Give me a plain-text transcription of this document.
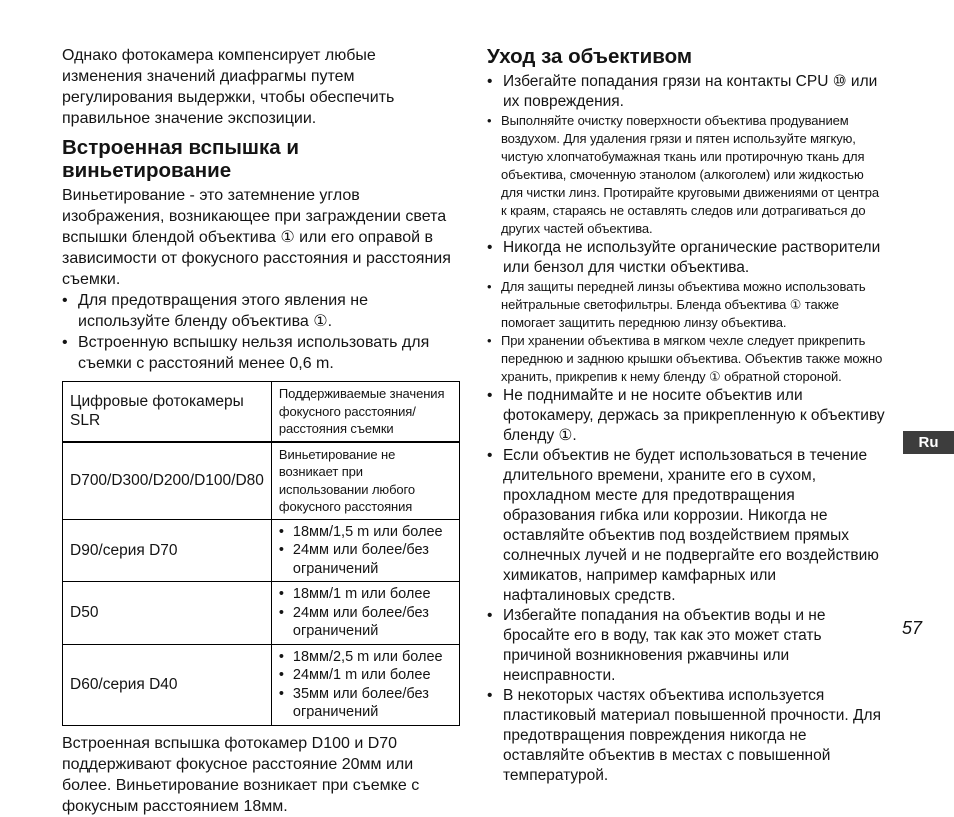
Однако фотокамера компенсирует любые изменения значений диафрагмы путем регулирования выдержки, чтобы обеспечить правильное значение экспозиции.

Встроенная вспышка и виньетирование

Виньетирование - это затемнение углов изображения, возникающее при заграждении света вспышки блендой объектива ① или его оправой в зависимости от фокусного расстояния и расстояния съемки.

• Для предотвращения этого явления не используйте бленду объектива ①.
• Встроенную вспышку нельзя использовать для съемки с расстояний менее 0,6 m.
Цифровые фотокамеры SLR	Поддерживаемые значения фокусного расстояния/расстояния съемки
D700/D300/D200/D100/D80	Виньетирование не возникает при использовании любого фокусного расстояния

D90/серия D70	• 18мм/1,5 m или более
• 24мм или более/без ограничений

D50	• 18мм/1 m или более
• 24мм или более/без ограничений

D60/серия D40	
• 18мм/2,5 m или более
• 24мм/1 m или более
• 35мм или более/без ограничений

Встроенная вспышка фотокамер D100 и D70 поддерживают фокусное расстояние 20мм или более. Виньетирование возникает при съемке с фокусным расстоянием 18мм.

Уход за объективом
• Избегайте попадания грязи на контакты CPU ⑩ или их повреждения.
• Выполняйте очистку поверхности объектива продуванием воздухом. Для удаления грязи и пятен используйте мягкую, чистую хлопчатобумажная ткань или протирочную ткань для объектива, смоченную этанолом (алкоголем) или жидкостью для чистки линз. Протирайте круговыми движениями от центра к краям, стараясь не оставлять следов или дотрагиваться до других частей объектива.
• Никогда не используйте органические растворители или бензол для чистки объектива.
• Для защиты передней линзы объектива можно использовать нейтральные светофильтры. Бленда объектива ① также помогает защитить переднюю линзу объектива.
• При хранении объектива в мягком чехле следует прикрепить переднюю и заднюю крышки объектива. Объектив также можно хранить, прикрепив к нему бленду ① обратной стороной.
• Не поднимайте и не носите объектив или фотокамеру, держась за прикрепленную к объективу бленду ①.
• Если объектив не будет использоваться в течение длительного времени, храните его в сухом, прохладном месте для предотвращения образования гибка или коррозии. Никогда не оставляйте объектив под воздействием прямых солнечных лучей и не подвергайте его воздействию химикатов, например камфарных или нафталиновых средств.
• Избегайте попадания на объектив воды и не бросайте его в воду, так как это может стать причиной возникновения ржавчины или неисправности.
• В некоторых частях объектива используется пластиковый материал повышенной прочности. Для предотвращения повреждения никогда не оставляйте объектив в местах с повышенной температурой.
Ru
57
